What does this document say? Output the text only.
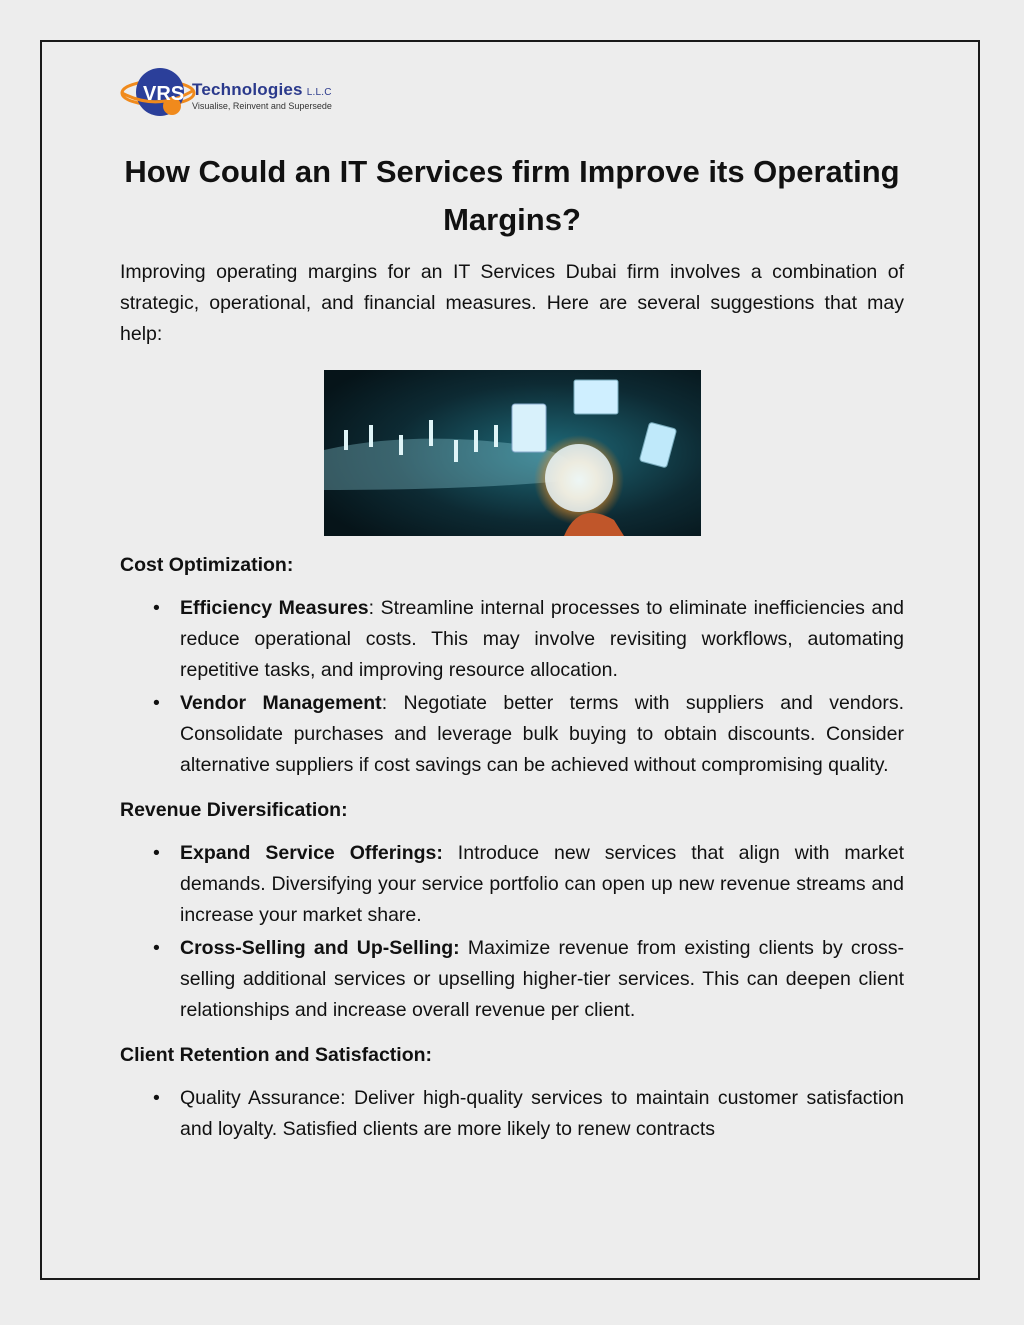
VRS Technologies L.L.C
Visualise, Reinvent and Supersede
How Could an IT Services firm Improve its Operating Margins?

Improving operating margins for an IT Services Dubai firm involves a combination of strategic, operational, and financial measures. Here are several suggestions that may help:

Cost Optimization:

• Efficiency Measures: Streamline internal processes to eliminate inefficiencies and reduce operational costs. This may involve revisiting workflows, automating repetitive tasks, and improving resource allocation.
• Vendor Management: Negotiate better terms with suppliers and vendors. Consolidate purchases and leverage bulk buying to obtain discounts. Consider alternative suppliers if cost savings can be achieved without compromising quality.

Revenue Diversification:

• Expand Service Offerings: Introduce new services that align with market demands. Diversifying your service portfolio can open up new revenue streams and increase your market share.
• Cross-Selling and Up-Selling: Maximize revenue from existing clients by cross-selling additional services or upselling higher-tier services. This can deepen client relationships and increase overall revenue per client.

Client Retention and Satisfaction:

• Quality Assurance: Deliver high-quality services to maintain customer satisfaction and loyalty. Satisfied clients are more likely to renew contracts
